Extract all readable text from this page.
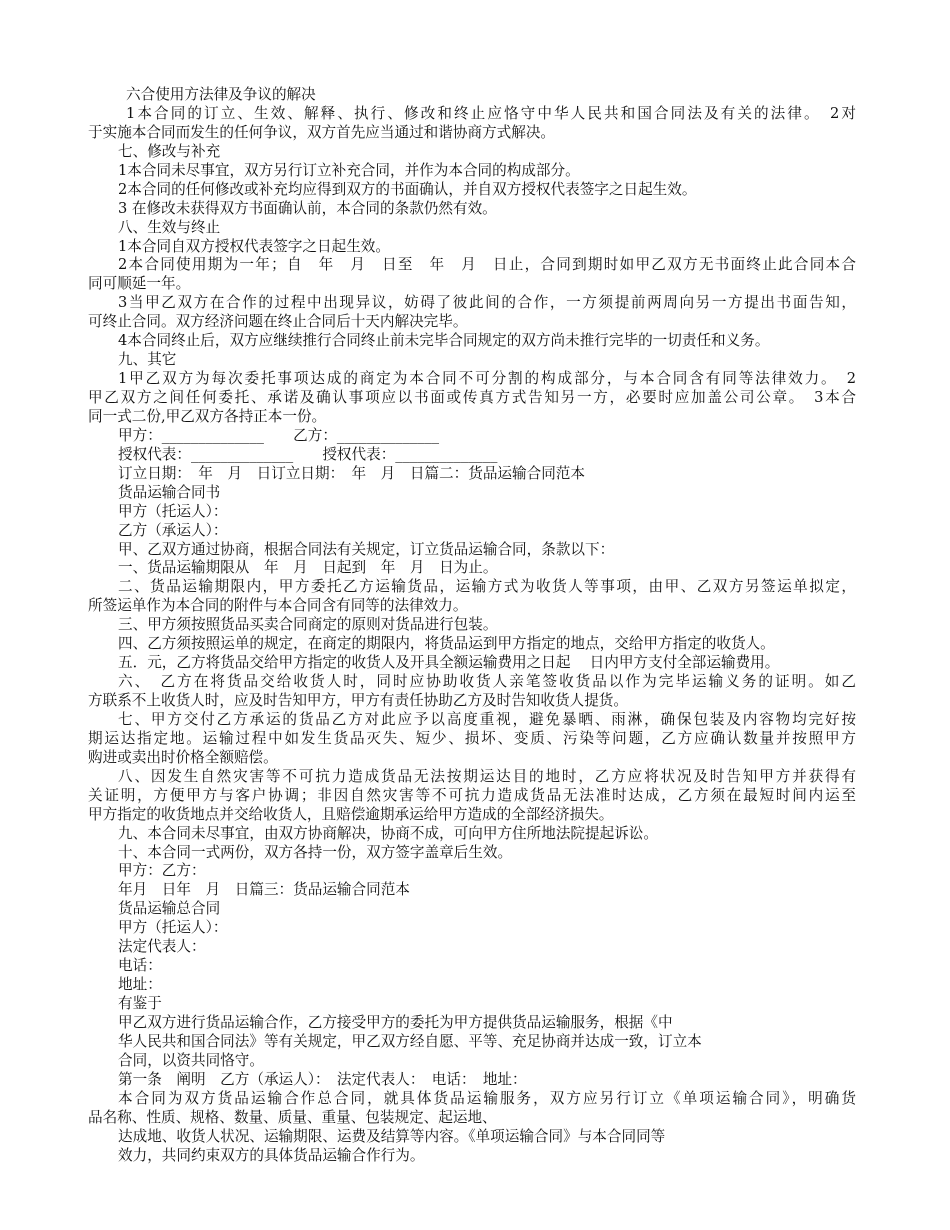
六合使用方法律及争议的解决
1本合同的订立、生效、解释、执行、修改和终止应恪守中华人民共和国合同法及有关的法律。　2对
于实施本合同而发生的任何争议，双方首先应当通过和谐协商方式解决。
七、修改与补充
1本合同未尽事宜，双方另行订立补充合同，并作为本合同的构成部分。
2本合同的任何修改或补充均应得到双方的书面确认，并自双方授权代表签字之日起生效。
3 在修改未获得双方书面确认前，本合同的条款仍然有效。
八、生效与终止
1本合同自双方授权代表签字之日起生效。
2本合同使用期为一年；自　年　月　日至　年　月　日止，合同到期时如甲乙双方无书面终止此合同本合
同可顺延一年。
3当甲乙双方在合作的过程中出现异议，妨碍了彼此间的合作，一方须提前两周向另一方提出书面告知，
可终止合同。双方经济问题在终止合同后十天内解决完毕。
4本合同终止后，双方应继续推行合同终止前未完毕合同规定的双方尚未推行完毕的一切责任和义务。
九、其它
1甲乙双方为每次委托事项达成的商定为本合同不可分割的构成部分，与本合同含有同等法律效力。　2
甲乙双方之间任何委托、承诺及确认事项应以书面或传真方式告知另一方，必要时应加盖公司公章。　3本合
同一式二份,甲乙双方各持正本一份。
甲方：______________　　乙方：______________
授权代表：______________　　授权代表：______________
订立日期：　年　月　日订立日期：　年　月　日篇二：货品运输合同范本
货品运输合同书
甲方（托运人）：
乙方（承运人）：
甲、乙双方通过协商，根据合同法有关规定，订立货品运输合同，条款以下：
一、货品运输期限从　年　月　日起到　年　月　日为止。
二、货品运输期限内，甲方委托乙方运输货品，运输方式为收货人等事项，由甲、乙双方另签运单拟定，
所签运单作为本合同的附件与本合同含有同等的法律效力。
三、甲方须按照货品买卖合同商定的原则对货品进行包装。
四、乙方须按照运单的规定，在商定的期限内，将货品运到甲方指定的地点，交给甲方指定的收货人。
五．元，乙方将货品交给甲方指定的收货人及开具全额运输费用之日起　 日内甲方支付全部运输费用。
六、　乙方在将货品交给收货人时，同时应协助收货人亲笔签收货品以作为完毕运输义务的证明。如乙
方联系不上收货人时，应及时告知甲方，甲方有责任协助乙方及时告知收货人提货。
七、甲方交付乙方承运的货品乙方对此应予以高度重视，避免暴晒、雨淋，确保包装及内容物均完好按
期运达指定地。运输过程中如发生货品灭失、短少、损坏、变质、污染等问题，乙方应确认数量并按照甲方
购进或卖出时价格全额赔偿。
八、因发生自然灾害等不可抗力造成货品无法按期运达目的地时，乙方应将状况及时告知甲方并获得有
关证明，方便甲方与客户协调；非因自然灾害等不可抗力造成货品无法准时达成，乙方须在最短时间内运至
甲方指定的收货地点并交给收货人，且赔偿逾期承运给甲方造成的全部经济损失。
九、本合同未尽事宜，由双方协商解决，协商不成，可向甲方住所地法院提起诉讼。
十、本合同一式两份，双方各持一份，双方签字盖章后生效。
甲方：乙方：
年月　日年　月　日篇三：货品运输合同范本
货品运输总合同
甲方（托运人）：
法定代表人：
电话：
地址：
有鉴于
甲乙双方进行货品运输合作，乙方接受甲方的委托为甲方提供货品运输服务，根据《中
华人民共和国合同法》等有关规定，甲乙双方经自愿、平等、充足协商并达成一致，订立本
合同，以资共同恪守。
第一条　阐明　乙方（承运人）：　法定代表人：　电话：　地址：
本合同为双方货品运输合作总合同，就具体货品运输服务，双方应另行订立《单项运输合同》，明确货
品名称、性质、规格、数量、质量、重量、包装规定、起运地、
达成地、收货人状况、运输期限、运费及结算等内容。《单项运输合同》与本合同同等
效力，共同约束双方的具体货品运输合作行为。
